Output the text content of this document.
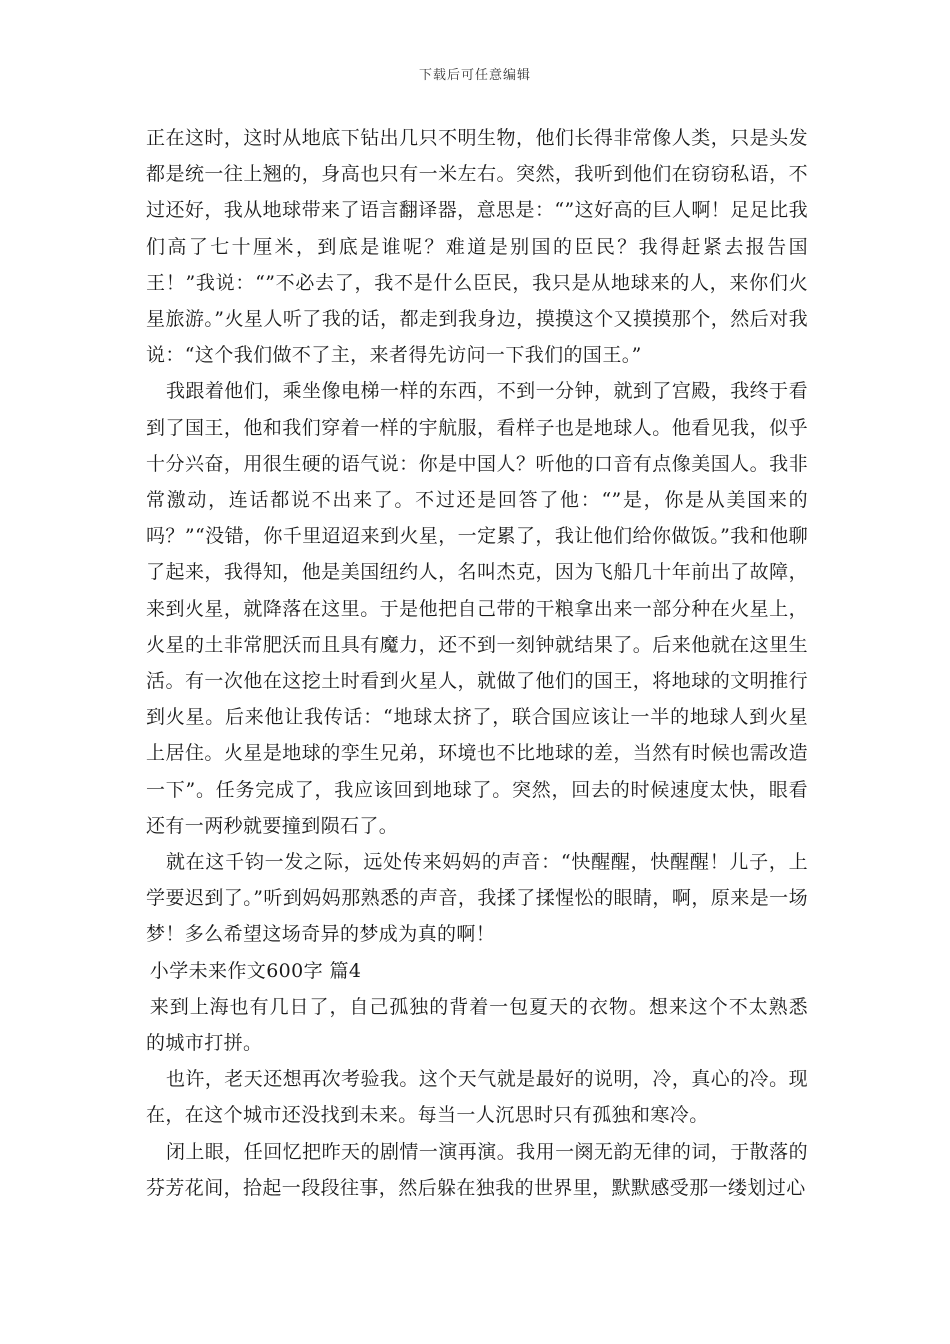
下载后可任意编辑

正在这时，这时从地底下钻出几只不明生物，他们长得非常像人类，只是头发都是统一往上翘的，身高也只有一米左右。突然，我听到他们在窃窃私语，不过还好，我从地球带来了语言翻译器，意思是：“”这好高的巨人啊！足足比我们高了七十厘米，到底是谁呢？难道是别国的臣民？我得赶紧去报告国王！”我说：“”不必去了，我不是什么臣民，我只是从地球来的人，来你们火星旅游。”火星人听了我的话，都走到我身边，摸摸这个又摸摸那个，然后对我说：“这个我们做不了主，来者得先访问一下我们的国王。”

我跟着他们，乘坐像电梯一样的东西，不到一分钟，就到了宫殿，我终于看到了国王，他和我们穿着一样的宇航服，看样子也是地球人。他看见我，似乎十分兴奋，用很生硬的语气说：你是中国人？听他的口音有点像美国人。我非常激动，连话都说不出来了。不过还是回答了他：“”是，你是从美国来的吗？”“没错，你千里迢迢来到火星，一定累了，我让他们给你做饭。”我和他聊了起来，我得知，他是美国纽约人，名叫杰克，因为飞船几十年前出了故障，来到火星，就降落在这里。于是他把自己带的干粮拿出来一部分种在火星上，火星的土非常肥沃而且具有魔力，还不到一刻钟就结果了。后来他就在这里生活。有一次他在这挖土时看到火星人，就做了他们的国王，将地球的文明推行到火星。后来他让我传话：“地球太挤了，联合国应该让一半的地球人到火星上居住。火星是地球的孪生兄弟，环境也不比地球的差，当然有时候也需改造一下”。任务完成了，我应该回到地球了。突然，回去的时候速度太快，眼看还有一两秒就要撞到陨石了。

就在这千钧一发之际，远处传来妈妈的声音：“快醒醒，快醒醒！儿子，上学要迟到了。”听到妈妈那熟悉的声音，我揉了揉惺忪的眼睛，啊，原来是一场梦！多么希望这场奇异的梦成为真的啊！

小学未来作文600字 篇4

来到上海也有几日了，自己孤独的背着一包夏天的衣物。想来这个不太熟悉的城市打拼。

也许，老天还想再次考验我。这个天气就是最好的说明，冷，真心的冷。现在，在这个城市还没找到未来。每当一人沉思时只有孤独和寒冷。

闭上眼，任回忆把昨天的剧情一演再演。我用一阕无韵无律的词，于散落的芬芳花间，拾起一段段往事，然后躲在独我的世界里，默默感受那一缕划过心
